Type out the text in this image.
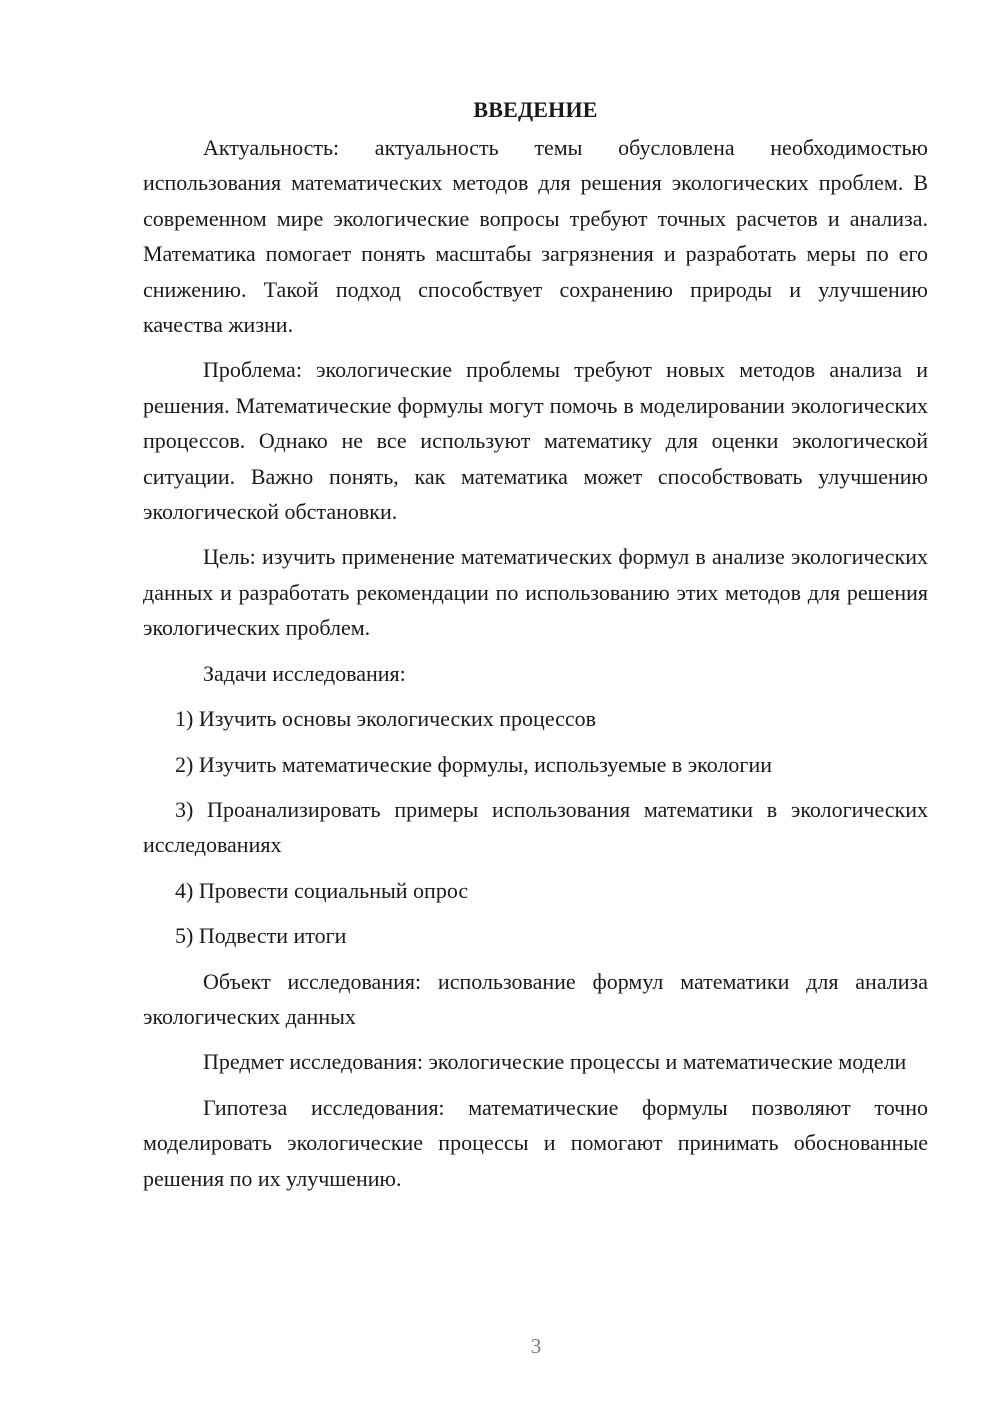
ВВЕДЕНИЕ

Актуальность: актуальность темы обусловлена необходимостью использования математических методов для решения экологических проблем. В современном мире экологические вопросы требуют точных расчетов и анализа. Математика помогает понять масштабы загрязнения и разработать меры по его снижению. Такой подход способствует сохранению природы и улучшению качества жизни.

Проблема: экологические проблемы требуют новых методов анализа и решения. Математические формулы могут помочь в моделировании экологических процессов. Однако не все используют математику для оценки экологической ситуации. Важно понять, как математика может способствовать улучшению экологической обстановки.

Цель: изучить применение математических формул в анализе экологических данных и разработать рекомендации по использованию этих методов для решения экологических проблем.

Задачи исследования:

1) Изучить основы экологических процессов

2) Изучить математические формулы, используемые в экологии

3) Проанализировать примеры использования математики в экологических исследованиях

4) Провести социальный опрос

5) Подвести итоги

Объект исследования: использование формул математики для анализа экологических данных

Предмет исследования: экологические процессы и математические модели

Гипотеза исследования: математические формулы позволяют точно моделировать экологические процессы и помогают принимать обоснованные решения по их улучшению.

3
